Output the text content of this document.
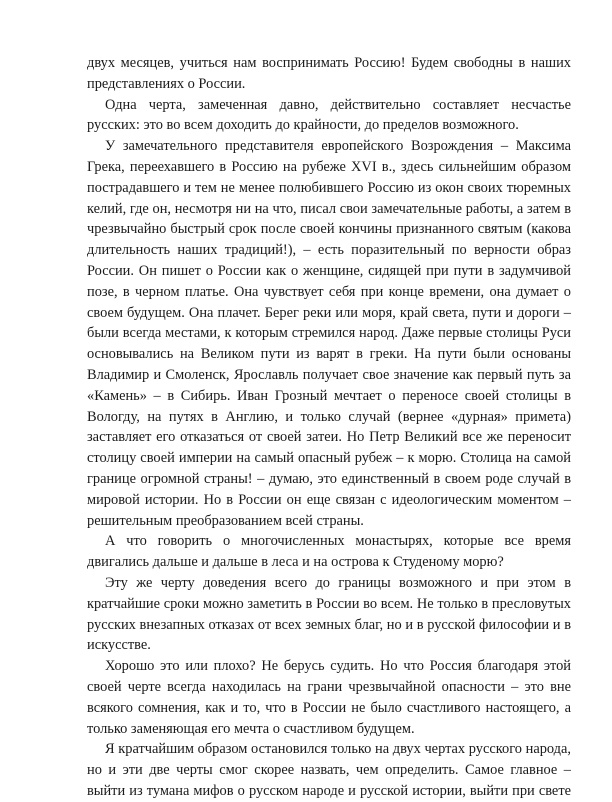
двух месяцев, учиться нам воспринимать Россию! Будем свободны в наших представлениях о России.

Одна черта, замеченная давно, действительно составляет несчастье русских: это во всем доходить до крайности, до пределов возможного.

У замечательного представителя европейского Возрождения – Максима Грека, переехавшего в Россию на рубеже XVI в., здесь сильнейшим образом пострадавшего и тем не менее полюбившего Россию из окон своих тюремных келий, где он, несмотря ни на что, писал свои замечательные работы, а затем в чрезвычайно быстрый срок после своей кончины признанного святым (какова длительность наших традиций!), – есть поразительный по верности образ России. Он пишет о России как о женщине, сидящей при пути в задумчивой позе, в черном платье. Она чувствует себя при конце времени, она думает о своем будущем. Она плачет. Берег реки или моря, край света, пути и дороги – были всегда местами, к которым стремился народ. Даже первые столицы Руси основывались на Великом пути из варят в греки. На пути были основаны Владимир и Смоленск, Ярославль получает свое значение как первый путь за «Камень» – в Сибирь. Иван Грозный мечтает о переносе своей столицы в Вологду, на путях в Англию, и только случай (вернее «дурная» примета) заставляет его отказаться от своей затеи. Но Петр Великий все же переносит столицу своей империи на самый опасный рубеж – к морю. Столица на самой границе огромной страны! – думаю, это единственный в своем роде случай в мировой истории. Но в России он еще связан с идеологическим моментом – решительным преобразованием всей страны.

А что говорить о многочисленных монастырях, которые все время двигались дальше и дальше в леса и на острова к Студеному морю?

Эту же черту доведения всего до границы возможного и при этом в кратчайшие сроки можно заметить в России во всем. Не только в пресловутых русских внезапных отказах от всех земных благ, но и в русской философии и в искусстве.

Хорошо это или плохо? Не берусь судить. Но что Россия благодаря этой своей черте всегда находилась на грани чрезвычайной опасности – это вне всякого сомнения, как и то, что в России не было счастливого настоящего, а только заменяющая его мечта о счастливом будущем.

Я кратчайшим образом остановился только на двух чертах русского народа, но и эти две черты смог скорее назвать, чем определить. Самое главное – выйти из тумана мифов о русском народе и русской истории, выйти при свете
